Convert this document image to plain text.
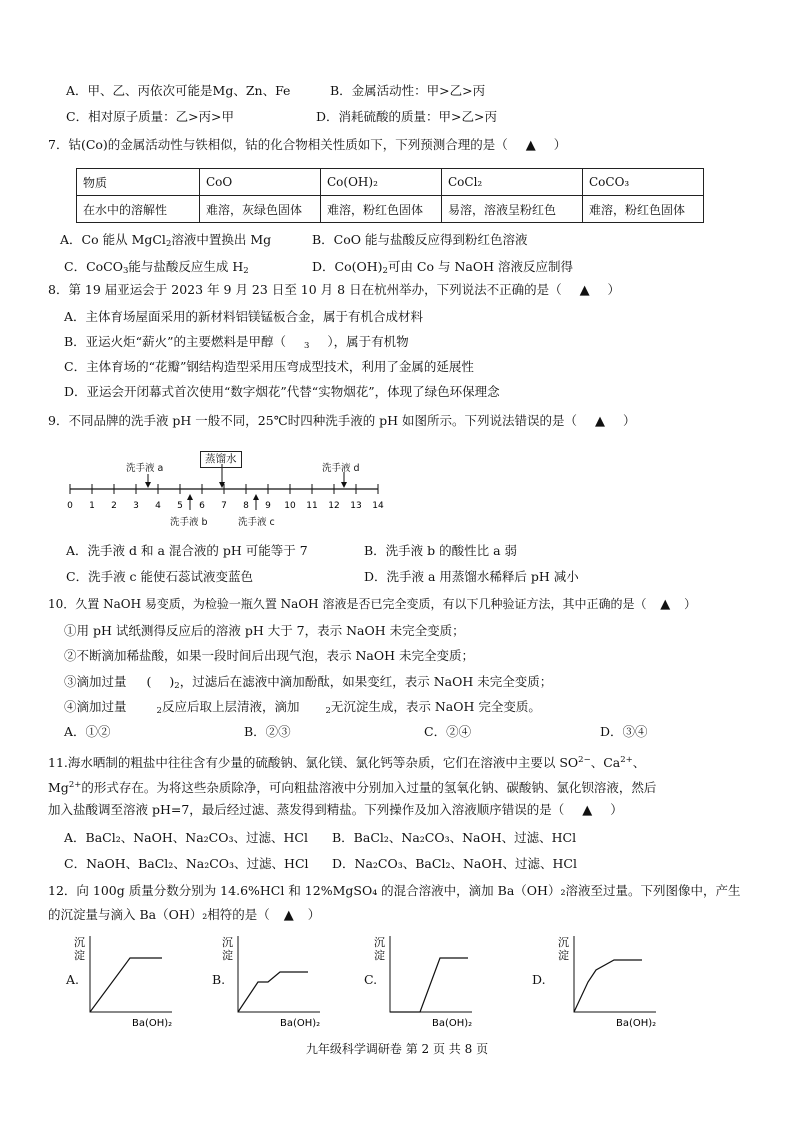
A．甲、乙、丙依次可能是Mg、Zn、Fe	B．金属活动性：甲>乙>丙
C．相对原子质量：乙>丙>甲	D．消耗硫酸的质量：甲>乙>丙
7．钴(Co)的金属活动性与铁相似，钴的化合物相关性质如下，下列预测合理的是（ ▲ ）
物质	CoO	Co(OH)₂	CoCl₂	CoCO₃
在水中的溶解性	难溶，灰绿色固体	难溶，粉红色固体	易溶，溶液呈粉红色	难溶，粉红色固体
A．Co 能从 MgCl$_2$溶液中置换出 Mg	B．CoO 能与盐酸反应得到粉红色溶液
C．CoCO$_3$能与盐酸反应生成 $H_2$	D．$Co(OH)_2$可由 Co 与 NaOH 溶液反应制得
8．第 19 届亚运会于 2023 年 9 月 23 日至 10 月 8 日在杭州举办，下列说法不正确的是（ ▲ ）
A．主体育场屋面采用的新材料铝镁锰板合金，属于有机合成材料
B．亚运火炬“薪火”的主要燃料是甲醇（ $_3$ ），属于有机物
C．主体育场的“花瓣”钢结构造型采用压弯成型技术，利用了金属的延展性
D．亚运会开闭幕式首次使用“数字烟花”代替“实物烟花”，体现了绿色环保理念
9．不同品牌的洗手液 pH 一般不同，25℃时四种洗手液的 pH 如图所示。下列说法错误的是（ ▲ ）
0 1 2 3 4 5 6 7 8 9 10 11 12 13 14
蒸馏水
洗手液 a	洗手液 d
洗手液 b	洗手液 c
A．洗手液 d 和 a 混合液的 pH 可能等于 7	B．洗手液 b 的酸性比 a 弱
C．洗手液 c 能使石蕊试液变蓝色	D．洗手液 a 用蒸馏水稀释后 pH 减小
10．久置 NaOH 易变质，为检验一瓶久置 NaOH 溶液是否已完全变质，有以下几种验证方法，其中正确的是（ ▲ ）
①用 pH 试纸测得反应后的溶液 pH 大于 7，表示 NaOH 未完全变质；
②不断滴加稀盐酸，如果一段时间后出现气泡，表示 NaOH 未完全变质；
③滴加过量 ( )$_2$，过滤后在滤液中滴加酚酞，如果变红，表示 NaOH 未完全变质；
④滴加过量	$_2$反应后取上层清液，滴加	$_2$无沉淀生成，表示 NaOH 完全变质。
A．①②	B．②③	C．②④	D．③④
11.海水晒制的粗盐中往往含有少量的硫酸钠、氯化镁、氯化钙等杂质，它们在溶液中主要以 $SO^{2-}$、$Ca^{2+}$、
$Mg^{2+}$的形式存在。为将这些杂质除净，可向粗盐溶液中分别加入过量的氢氧化钠、碳酸钠、氯化钡溶液，然后
加入盐酸调至溶液 pH=7，最后经过滤、蒸发得到精盐。下列操作及加入溶液顺序错误的是（ ▲ ）
A．BaCl₂、NaOH、Na₂CO₃、过滤、HCl B．BaCl₂、Na₂CO₃、NaOH、过滤、HCl
C．NaOH、BaCl₂、Na₂CO₃、过滤、HCl D．Na₂CO₃、BaCl₂、NaOH、过滤、HCl
12．向 100g 质量分数分别为 14.6%HCl 和 12%MgSO₄ 的混合溶液中，滴加 Ba（OH）₂溶液至过量。下列图像中，产生
的沉淀量与滴入 Ba（OH）₂相符的是（ ▲ ）
A.	B.	C.	D.
沉
淀
Ba(OH)₂
沉
淀
Ba(OH)₂
沉
淀
Ba(OH)₂
沉
淀
Ba(OH)₂
九年级科学调研卷 第 2 页 共 8 页
